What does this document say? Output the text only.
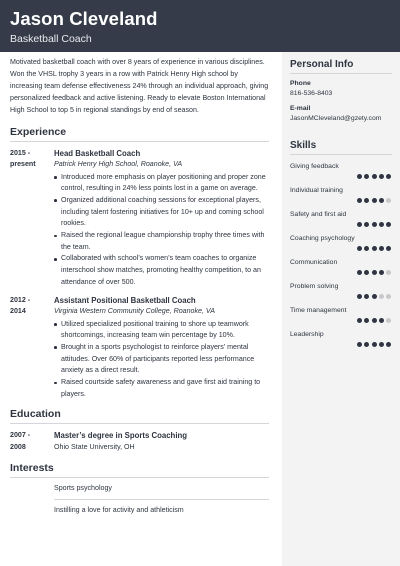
Jason Cleveland
Basketball Coach

Motivated basketball coach with over 8 years of experience in various disciplines. Won the VHSL trophy 3 years in a row with Patrick Henry High school by increasing team defense effectiveness 24% through an individual approach, giving personalized feedback and active listening. Ready to elevate Boston International High School to top 5 in regional standings by end of season.

Experience
2015 -
present
Head Basketball Coach
Patrick Henry High School, Roanoke, VA
Introduced more emphasis on player positioning and proper zone control, resulting in 24% less points lost in a game on average.
Organized additional coaching sessions for exceptional players, including talent fostering initiatives for 10+ up and coming school rookies.
Raised the regional league championship trophy three times with the team.
Collaborated with school’s women’s team coaches to organize interschool show matches, promoting healthy competition, to an attendance of over 500.
2012 -
2014
Assistant Positional Basketball Coach
Virginia Western Community College, Roanoke, VA
Utilized specialized positional training to shore up teamwork shortcomings, increasing team win percentage by 10%.
Brought in a sports psychologist to reinforce players’ mental attitudes. Over 60% of participants reported less performance anxiety as a direct result.
Raised courtside safety awareness and gave first aid training to players.
Education
2007 -
2008
Master’s degree in Sports Coaching
Ohio State University, OH
Interests
Sports psychology
Instilling a love for activity and athleticism
Personal Info
Phone
816-536-8403
E-mail
JasonMCleveland@gzety.com
Skills
Giving feedback
Individual training
Safety and first aid
Coaching psychology
Communication
Problem solving
Time management
Leadership
